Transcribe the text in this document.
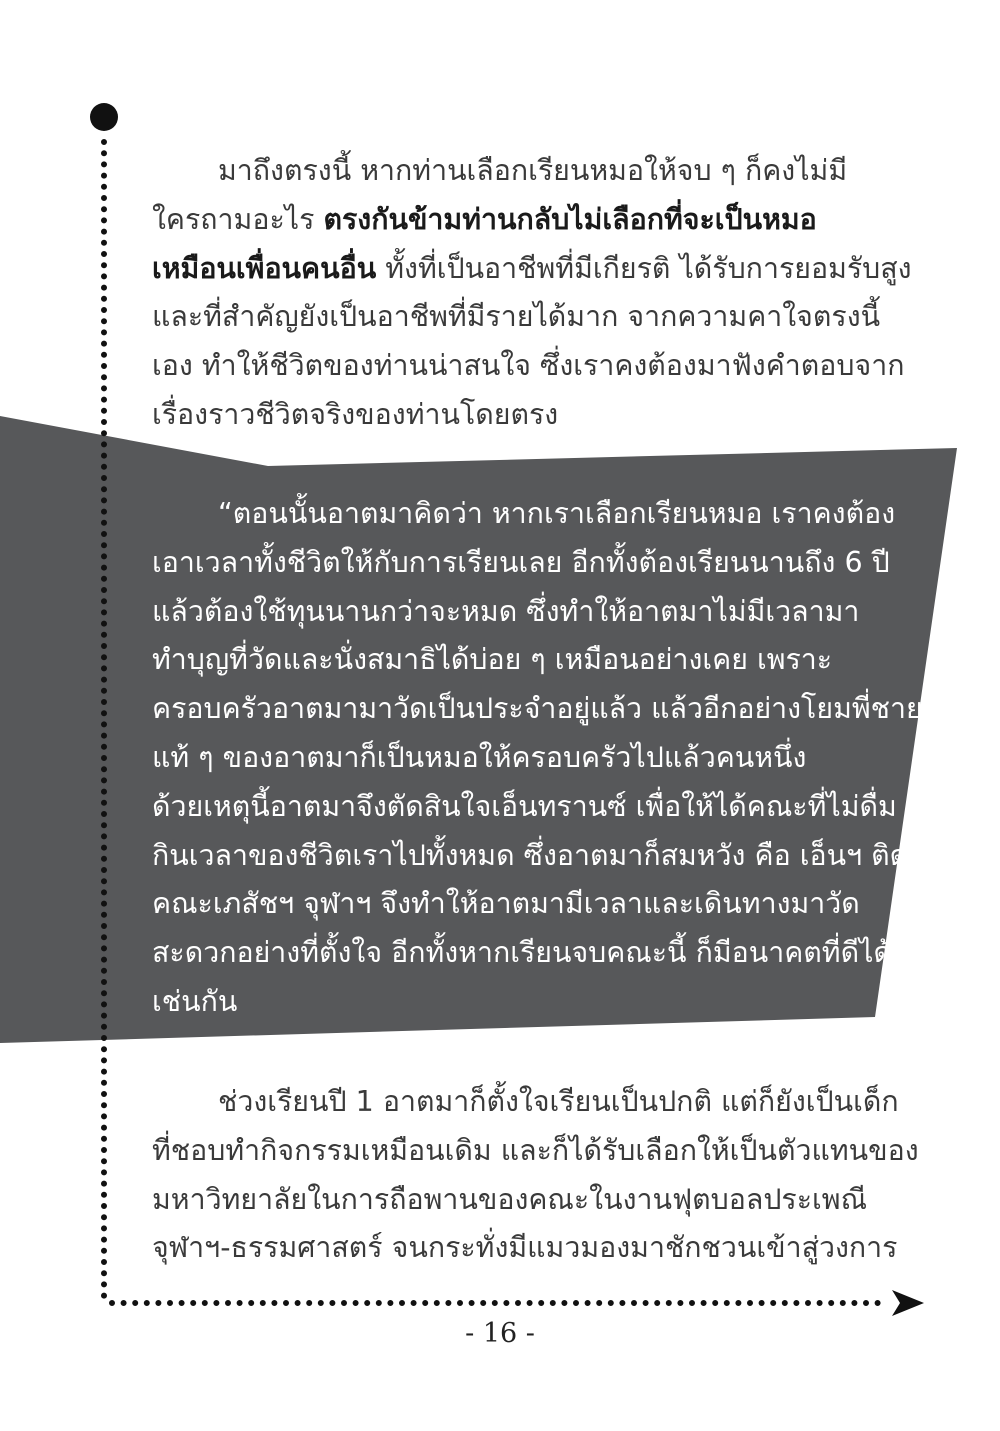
มาถึงตรงนี้ หากท่านเลือกเรียนหมอให้จบ ๆ ก็คงไม่มี
ใครถามอะไร ตรงกันข้ามท่านกลับไม่เลือกที่จะเป็นหมอ
เหมือนเพื่อนคนอื่น ทั้งที่เป็นอาชีพที่มีเกียรติ ได้รับการยอมรับสูง
และที่สำคัญยังเป็นอาชีพที่มีรายได้มาก จากความคาใจตรงนี้
เอง ทำให้ชีวิตของท่านน่าสนใจ ซึ่งเราคงต้องมาฟังคำตอบจาก
เรื่องราวชีวิตจริงของท่านโดยตรง
“ตอนนั้นอาตมาคิดว่า หากเราเลือกเรียนหมอ เราคงต้อง
เอาเวลาทั้งชีวิตให้กับการเรียนเลย อีกทั้งต้องเรียนนานถึง 6 ปี
แล้วต้องใช้ทุนนานกว่าจะหมด ซึ่งทำให้อาตมาไม่มีเวลามา
ทำบุญที่วัดและนั่งสมาธิได้บ่อย ๆ เหมือนอย่างเคย เพราะ
ครอบครัวอาตมามาวัดเป็นประจำอยู่แล้ว แล้วอีกอย่างโยมพี่ชาย
แท้ ๆ ของอาตมาก็เป็นหมอให้ครอบครัวไปแล้วคนหนึ่ง
ด้วยเหตุนี้อาตมาจึงตัดสินใจเอ็นทรานซ์ เพื่อให้ได้คณะที่ไม่ดื่ม
กินเวลาของชีวิตเราไปทั้งหมด ซึ่งอาตมาก็สมหวัง คือ เอ็นฯ ติด
คณะเภสัชฯ จุฬาฯ จึงทำให้อาตมามีเวลาและเดินทางมาวัด
สะดวกอย่างที่ตั้งใจ อีกทั้งหากเรียนจบคณะนี้ ก็มีอนาคตที่ดีได้
เช่นกัน
ช่วงเรียนปี 1 อาตมาก็ตั้งใจเรียนเป็นปกติ แต่ก็ยังเป็นเด็ก
ที่ชอบทำกิจกรรมเหมือนเดิม และก็ได้รับเลือกให้เป็นตัวแทนของ
มหาวิทยาลัยในการถือพานของคณะในงานฟุตบอลประเพณี
จุฬาฯ-ธรรมศาสตร์ จนกระทั่งมีแมวมองมาชักชวนเข้าสู่วงการ
- 16 -
